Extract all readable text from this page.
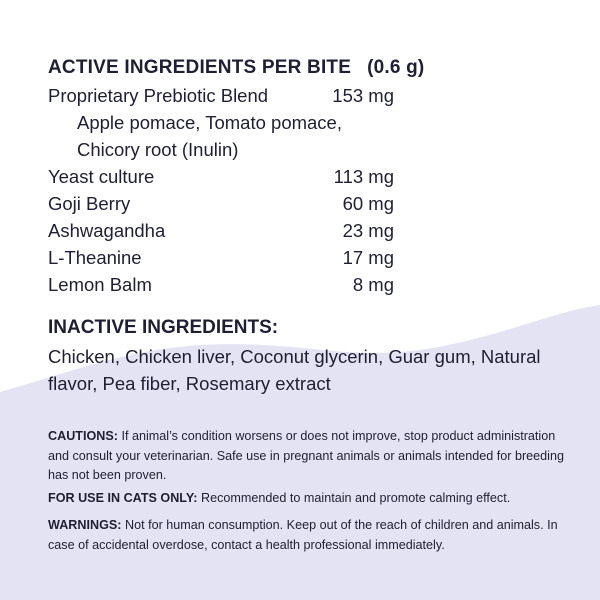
ACTIVE INGREDIENTS PER BITE (0.6 g)
Proprietary Prebiotic Blend	153 mg
Apple pomace, Tomato pomace,
Chicory root (Inulin)
Yeast culture	113 mg
Goji Berry	60 mg
Ashwagandha	23 mg
L-Theanine	17 mg
Lemon Balm	8 mg
INACTIVE INGREDIENTS:
Chicken, Chicken liver, Coconut glycerin, Guar gum, Natural flavor, Pea fiber, Rosemary extract
CAUTIONS: If animal’s condition worsens or does not improve, stop product administration and consult your veterinarian. Safe use in pregnant animals or animals intended for breeding has not been proven.
FOR USE IN CATS ONLY: Recommended to maintain and promote calming effect.
WARNINGS: Not for human consumption. Keep out of the reach of children and animals. In case of accidental overdose, contact a health professional immediately.
